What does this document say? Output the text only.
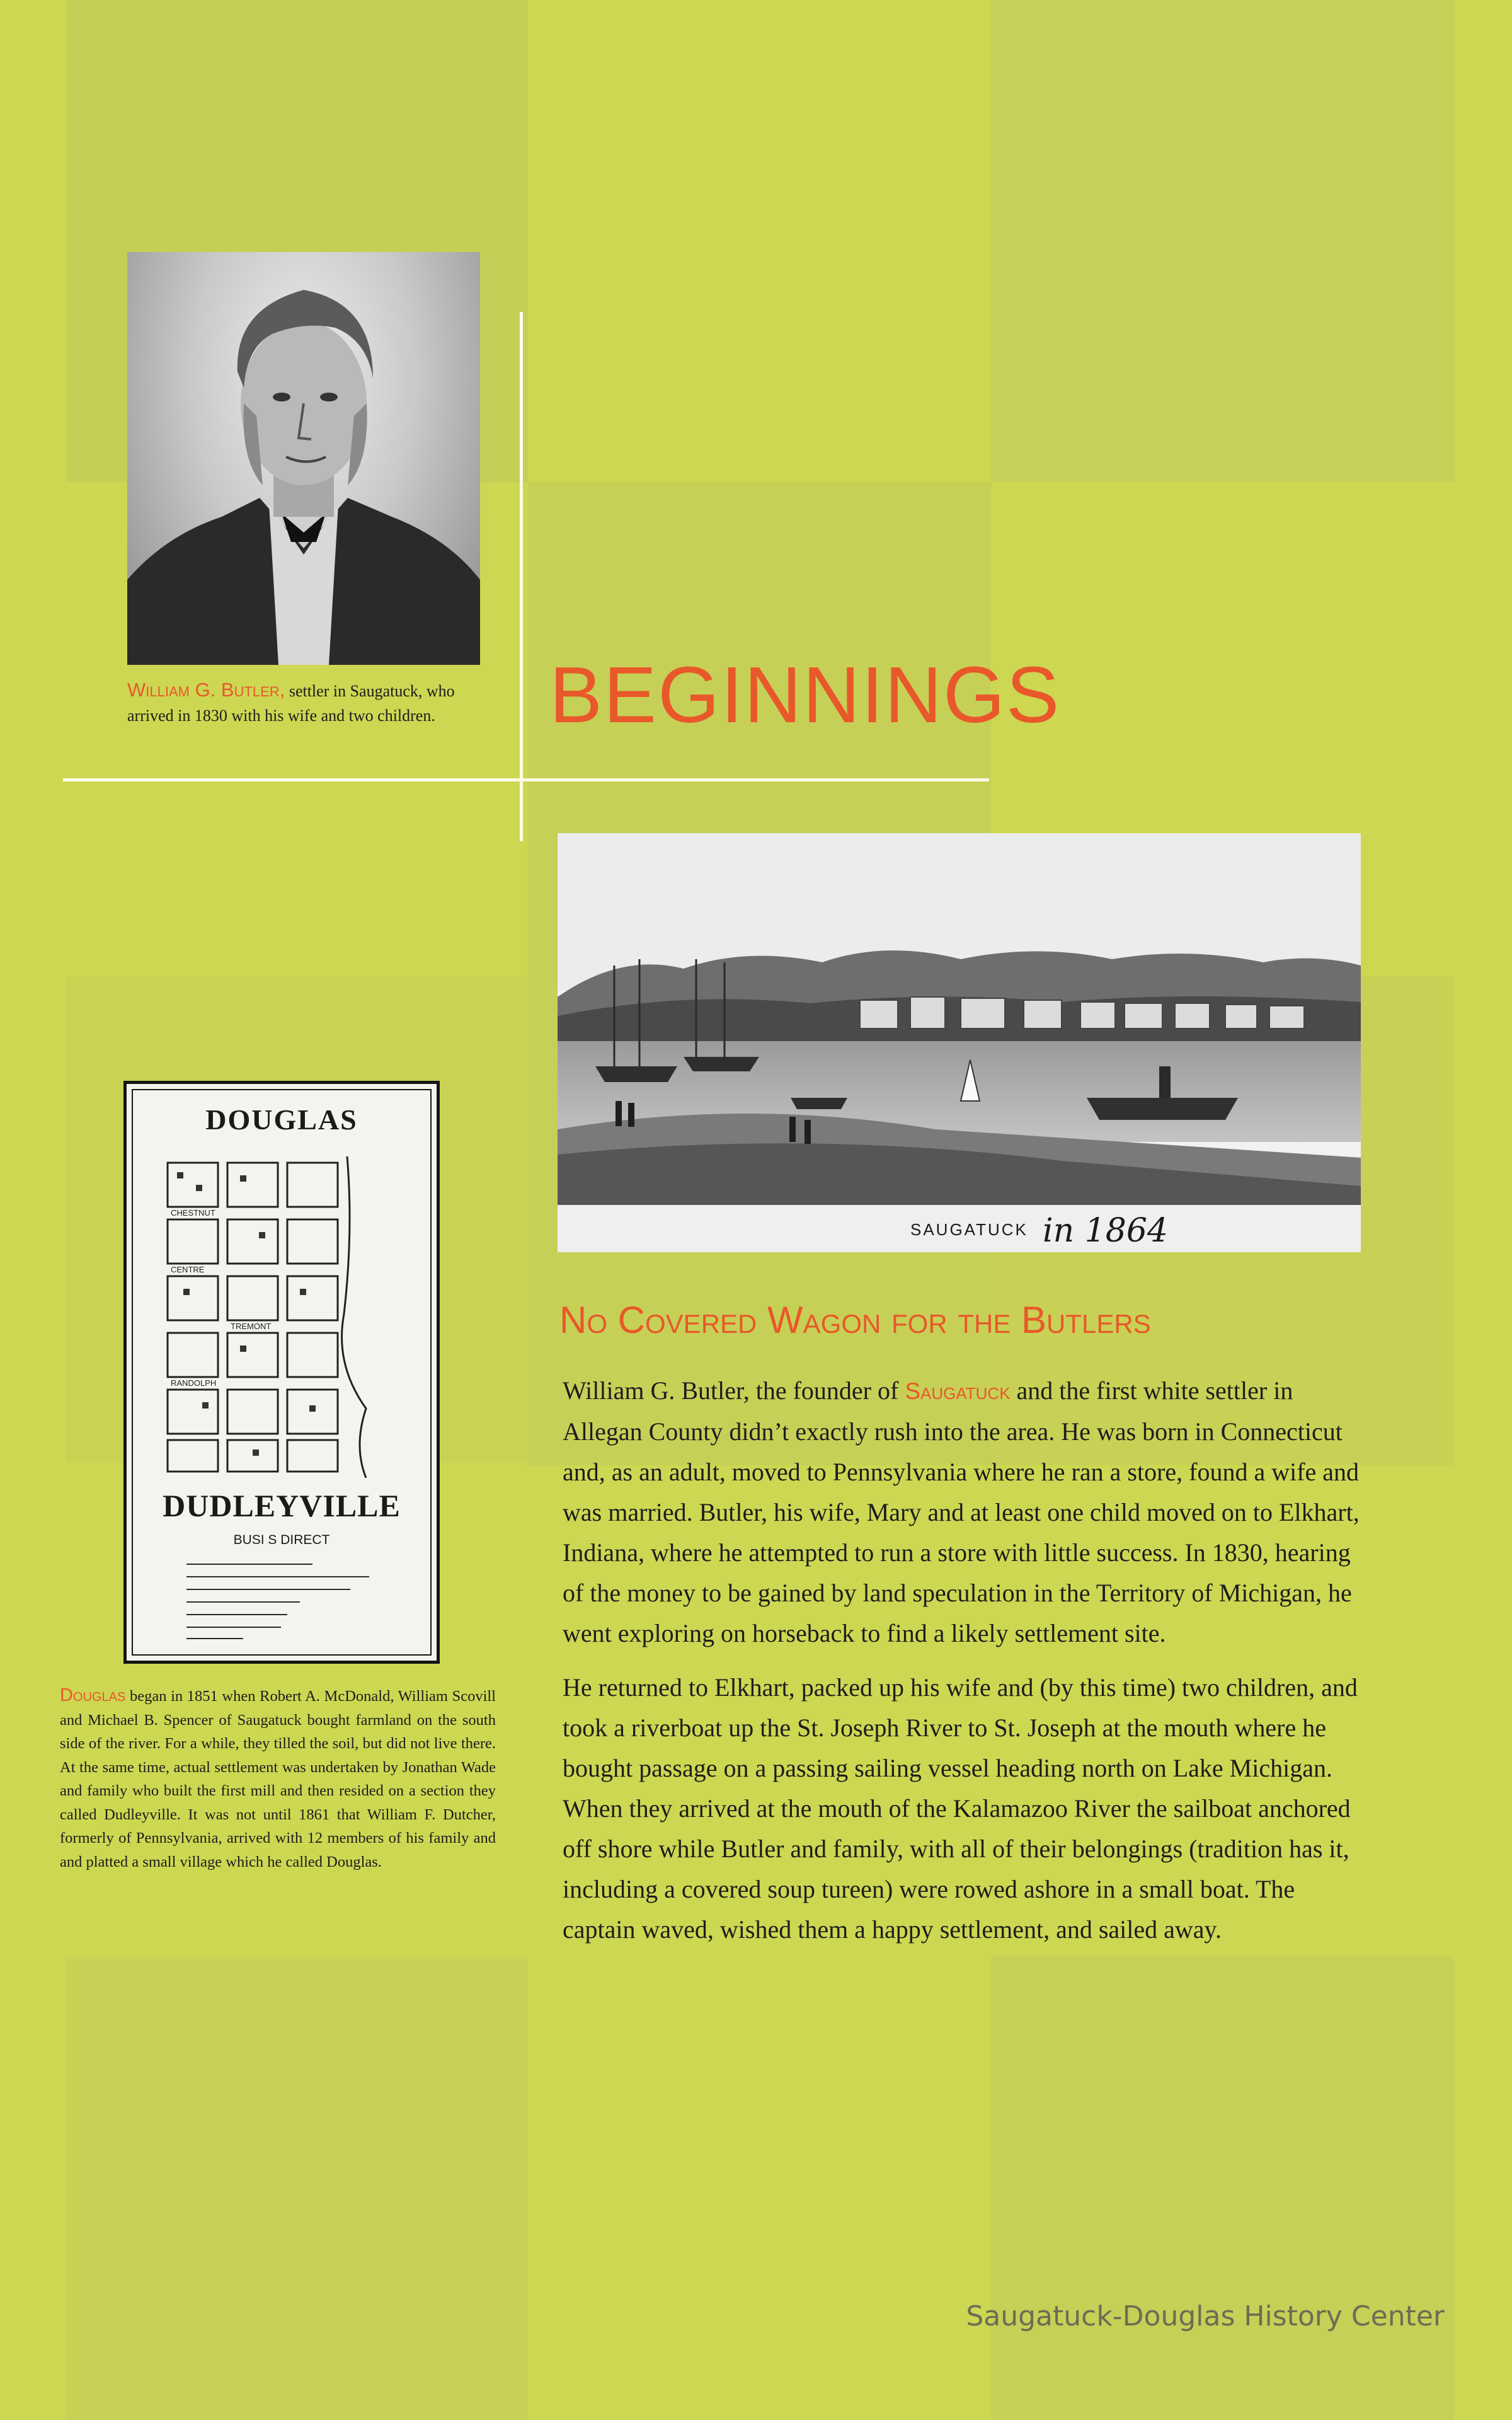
William G. Butler, settler in Saugatuck, who arrived in 1830 with his wife and two children.	BEGINNINGS
SAUGATUCK in 1864
DOUGLAS
CHESTNUT
CENTRE
TREMONT
RANDOLPH
DUDLEYVILLE
BUSI S DIRECT
Douglas began in 1851 when Robert A. McDonald, William Scovill and Michael B. Spencer of Saugatuck bought farmland on the south side of the river. For a while, they tilled the soil, but did not live there. At the same time, actual settlement was undertaken by Jonathan Wade and family who built the first mill and then resided on a section they called Dudleyville. It was not until 1861 that William F. Dutcher, formerly of Pennsylvania, arrived with 12 members of his family and and platted a small village which he called Douglas.
No Covered Wagon for the Butlers

William G. Butler, the founder of Saugatuck and the first white settler in Allegan County didn’t exactly rush into the area. He was born in Connecticut and, as an adult, moved to Pennsylvania where he ran a store, found a wife and was married. Butler, his wife, Mary and at least one child moved on to Elkhart, Indiana, where he attempted to run a store with little success. In 1830, hearing of the money to be gained by land speculation in the Territory of Michigan, he went exploring on horseback to find a likely settlement site.

He returned to Elkhart, packed up his wife and (by this time) two children, and took a riverboat up the St. Joseph River to St. Joseph at the mouth where he bought passage on a passing sailing vessel heading north on Lake Michigan. When they arrived at the mouth of the Kalamazoo River the sailboat anchored off shore while Butler and family, with all of their belongings (tradition has it, including a covered soup tureen) were rowed ashore in a small boat. The captain waved, wished them a happy settlement, and sailed away.

Saugatuck-Douglas History Center
